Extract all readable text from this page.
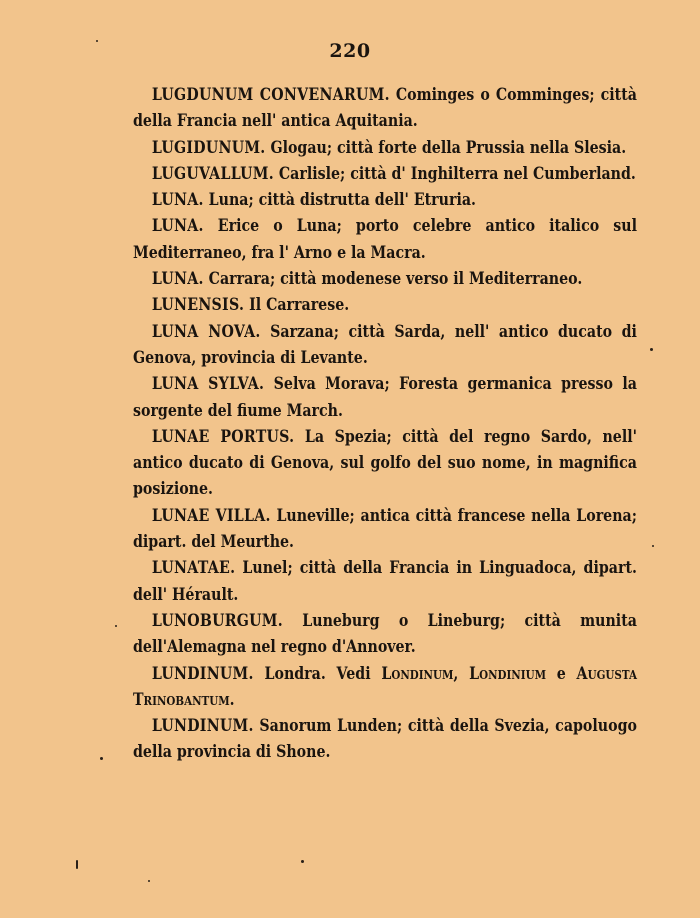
220

LUGDUNUM CONVENARUM. Cominges o Comminges; città della Francia nell' antica Aquitania.

LUGIDUNUM. Glogau; città forte della Prussia nella Slesia.

LUGUVALLUM. Carlisle; città d' Inghilterra nel Cumberland.

LUNA. Luna; città distrutta dell' Etruria.

LUNA. Erice o Luna; porto celebre antico italico sul Mediterraneo, fra l' Arno e la Macra.

LUNA. Carrara; città modenese verso il Mediterraneo.

LUNENSIS. Il Carrarese.

LUNA NOVA. Sarzana; città Sarda, nell' antico ducato di Genova, provincia di Levante.

LUNA SYLVA. Selva Morava; Foresta germanica presso la sorgente del fiume March.

LUNAE PORTUS. La Spezia; città del regno Sardo, nell' antico ducato di Genova, sul golfo del suo nome, in magnifica posizione.

LUNAE VILLA. Luneville; antica città francese nella Lorena; dipart. del Meurthe.

LUNATAE. Lunel; città della Francia in Linguadoca, dipart. dell' Hérault.

LUNOBURGUM. Luneburg o Lineburg; città munita dell'Alemagna nel regno d'Annover.

LUNDINUM. Londra. Vedi Londinum, Londinium e Augusta Trinobantum.

LUNDINUM. Sanorum Lunden; città della Svezia, capoluogo della provincia di Shone.
